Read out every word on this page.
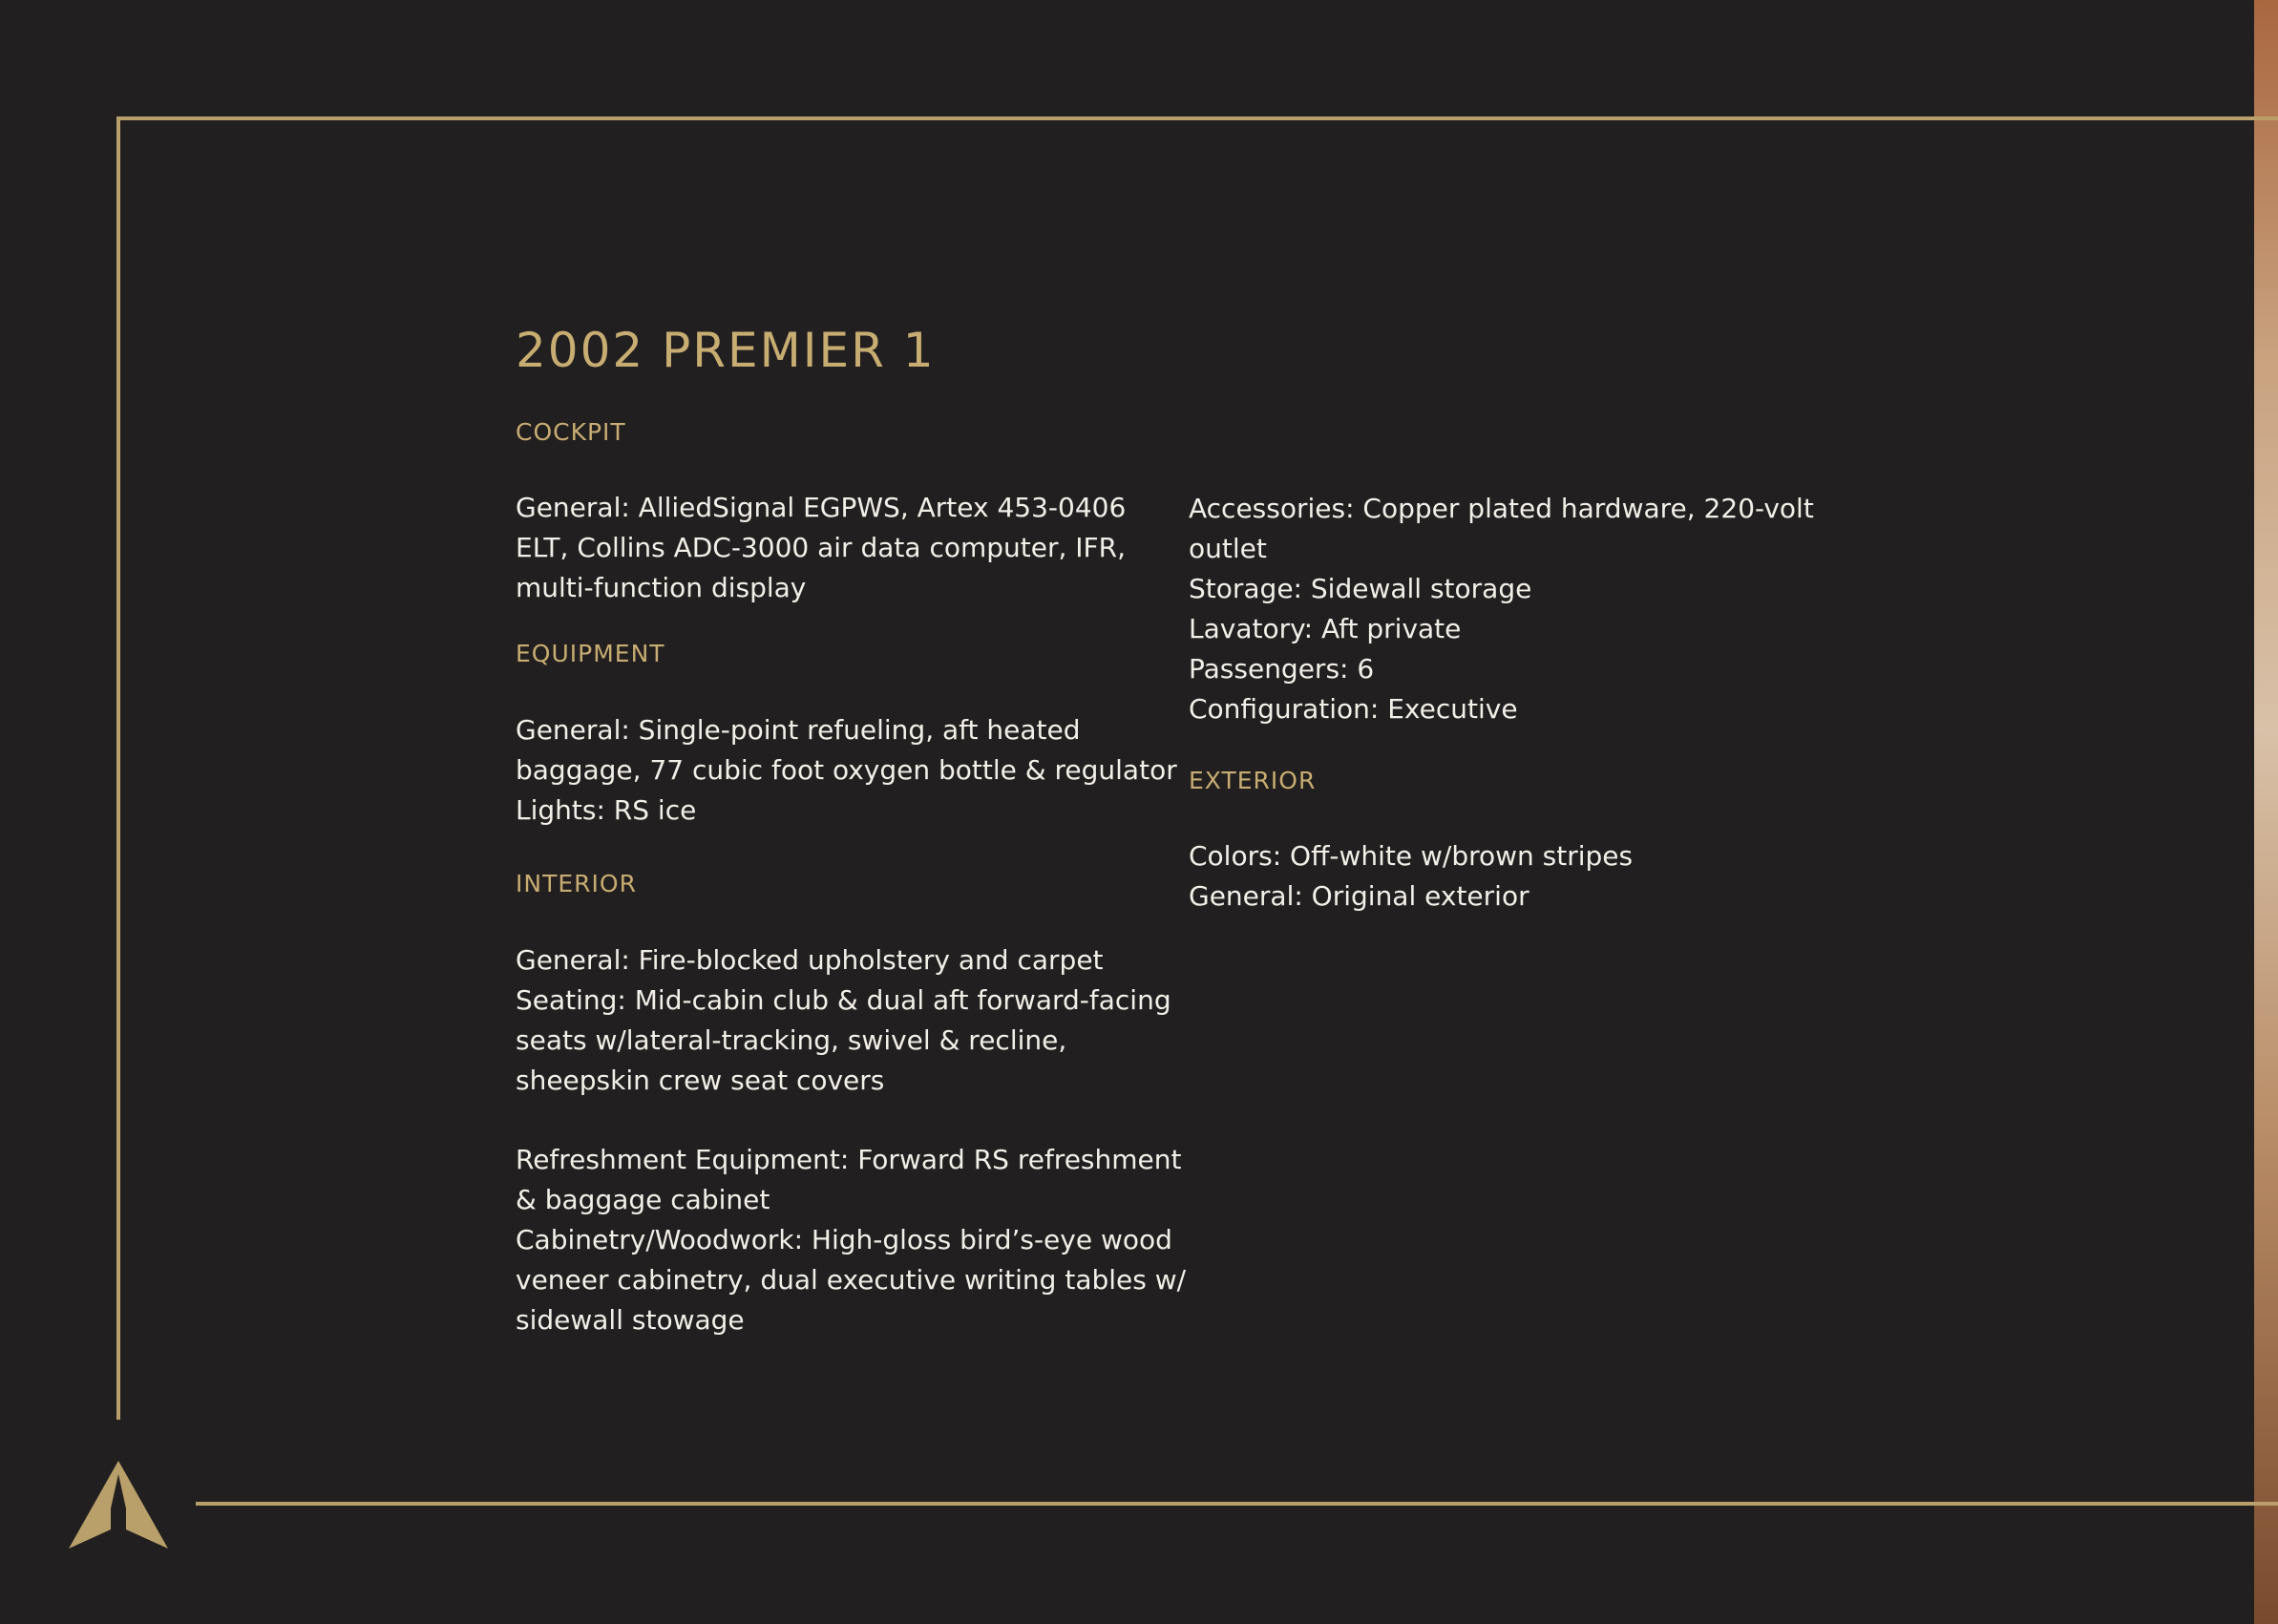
2002 PREMIER 1
COCKPIT
General: AlliedSignal EGPWS, Artex 453-0406
ELT, Collins ADC-3000 air data computer, IFR,
multi-function display
EQUIPMENT
General: Single-point refueling, aft heated
baggage, 77 cubic foot oxygen bottle & regulator
Lights: RS ice
INTERIOR
General: Fire-blocked upholstery and carpet
Seating: Mid-cabin club & dual aft forward-facing
seats w/lateral-tracking, swivel & recline,
sheepskin crew seat covers
Refreshment Equipment: Forward RS refreshment
& baggage cabinet
Cabinetry/Woodwork: High-gloss bird’s-eye wood
veneer cabinetry, dual executive writing tables w/
sidewall stowage
Accessories: Copper plated hardware, 220-volt
outlet
Storage: Sidewall storage
Lavatory: Aft private
Passengers: 6
Configuration: Executive
EXTERIOR
Colors: Off-white w/brown stripes
General: Original exterior
